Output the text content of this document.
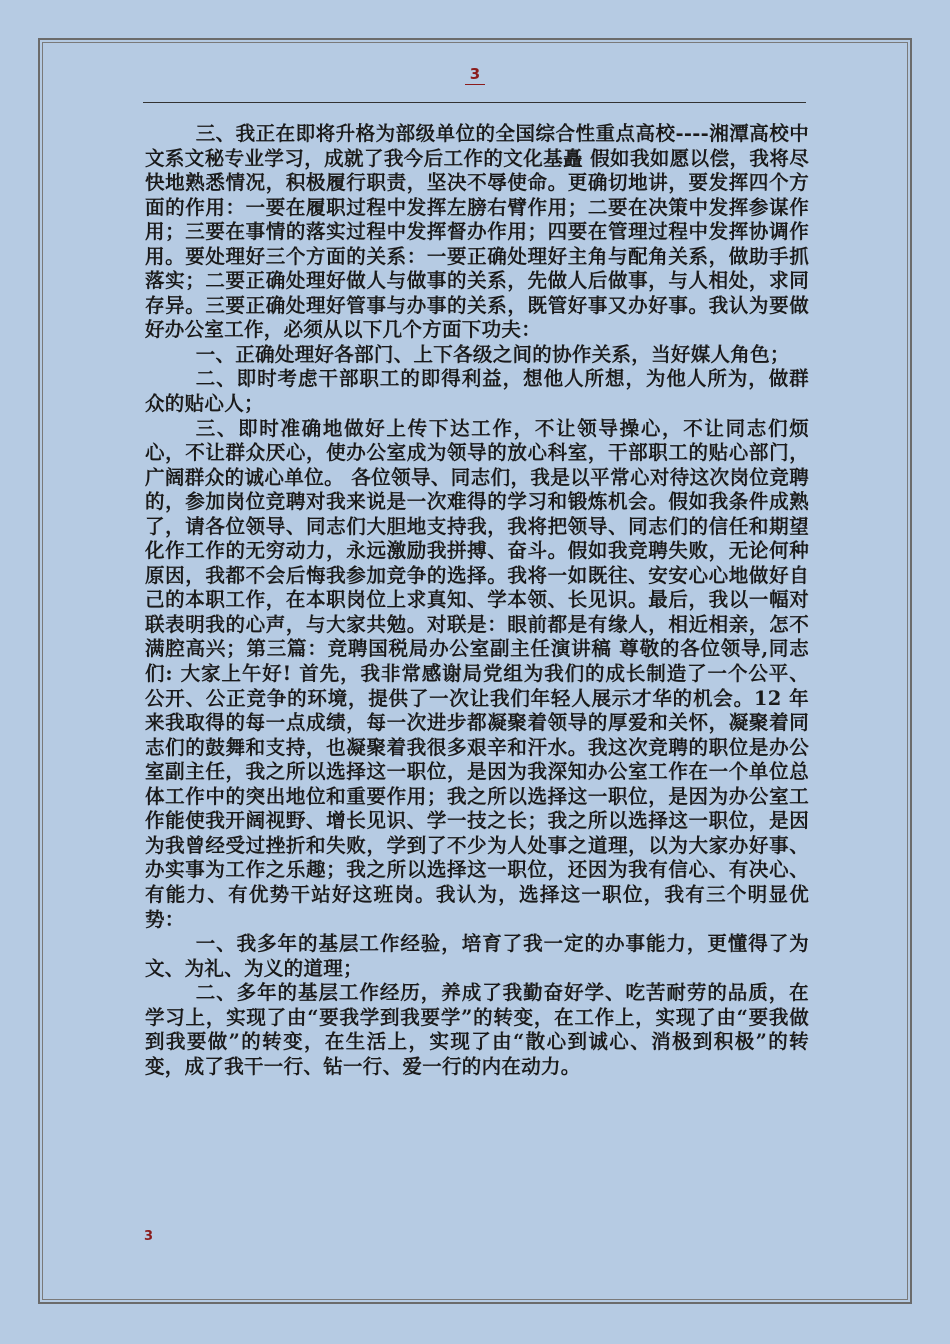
3

三、我正在即将升格为部级单位的全国综合性重点高校----湘潭高校中文系文秘专业学习，成就了我今后工作的文化基矗 假如我如愿以偿，我将尽快地熟悉情况，积极履行职责，坚决不辱使命。更确切地讲，要发挥四个方面的作用：一要在履职过程中发挥左膀右臂作用；二要在决策中发挥参谋作用；三要在事情的落实过程中发挥督办作用；四要在管理过程中发挥协调作用。要处理好三个方面的关系：一要正确处理好主角与配角关系，做助手抓落实；二要正确处理好做人与做事的关系，先做人后做事，与人相处，求同存异。三要正确处理好管事与办事的关系，既管好事又办好事。我认为要做好办公室工作，必须从以下几个方面下功夫：

一、正确处理好各部门、上下各级之间的协作关系，当好媒人角色；

二、即时考虑干部职工的即得利益，想他人所想，为他人所为，做群众的贴心人；

三、即时准确地做好上传下达工作，不让领导操心，不让同志们烦心，不让群众厌心，使办公室成为领导的放心科室，干部职工的贴心部门，广阔群众的诚心单位。 各位领导、同志们，我是以平常心对待这次岗位竞聘的，参加岗位竞聘对我来说是一次难得的学习和锻炼机会。假如我条件成熟了，请各位领导、同志们大胆地支持我，我将把领导、同志们的信任和期望化作工作的无穷动力，永远激励我拼搏、奋斗。假如我竞聘失败，无论何种原因，我都不会后悔我参加竞争的选择。我将一如既往、安安心心地做好自己的本职工作，在本职岗位上求真知、学本领、长见识。最后，我以一幅对联表明我的心声，与大家共勉。对联是：眼前都是有缘人，相近相亲，怎不满腔高兴；第三篇：竞聘国税局办公室副主任演讲稿 尊敬的各位领导,同志们: 大家上午好! 首先，我非常感谢局党组为我们的成长制造了一个公平、公开、公正竞争的环境，提供了一次让我们年轻人展示才华的机会。12 年来我取得的每一点成绩，每一次进步都凝聚着领导的厚爱和关怀，凝聚着同志们的鼓舞和支持，也凝聚着我很多艰辛和汗水。我这次竞聘的职位是办公室副主任，我之所以选择这一职位，是因为我深知办公室工作在一个单位总体工作中的突出地位和重要作用；我之所以选择这一职位，是因为办公室工作能使我开阔视野、增长见识、学一技之长；我之所以选择这一职位，是因为我曾经受过挫折和失败，学到了不少为人处事之道理，以为大家办好事、办实事为工作之乐趣；我之所以选择这一职位，还因为我有信心、有决心、有能力、有优势干站好这班岗。我认为，选择这一职位，我有三个明显优势：

一、我多年的基层工作经验，培育了我一定的办事能力，更懂得了为文、为礼、为义的道理；

二、多年的基层工作经历，养成了我勤奋好学、吃苦耐劳的品质，在学习上，实现了由“要我学到我要学”的转变，在工作上，实现了由“要我做到我要做”的转变，在生活上，实现了由“散心到诚心、消极到积极”的转变，成了我干一行、钻一行、爱一行的内在动力。

3
